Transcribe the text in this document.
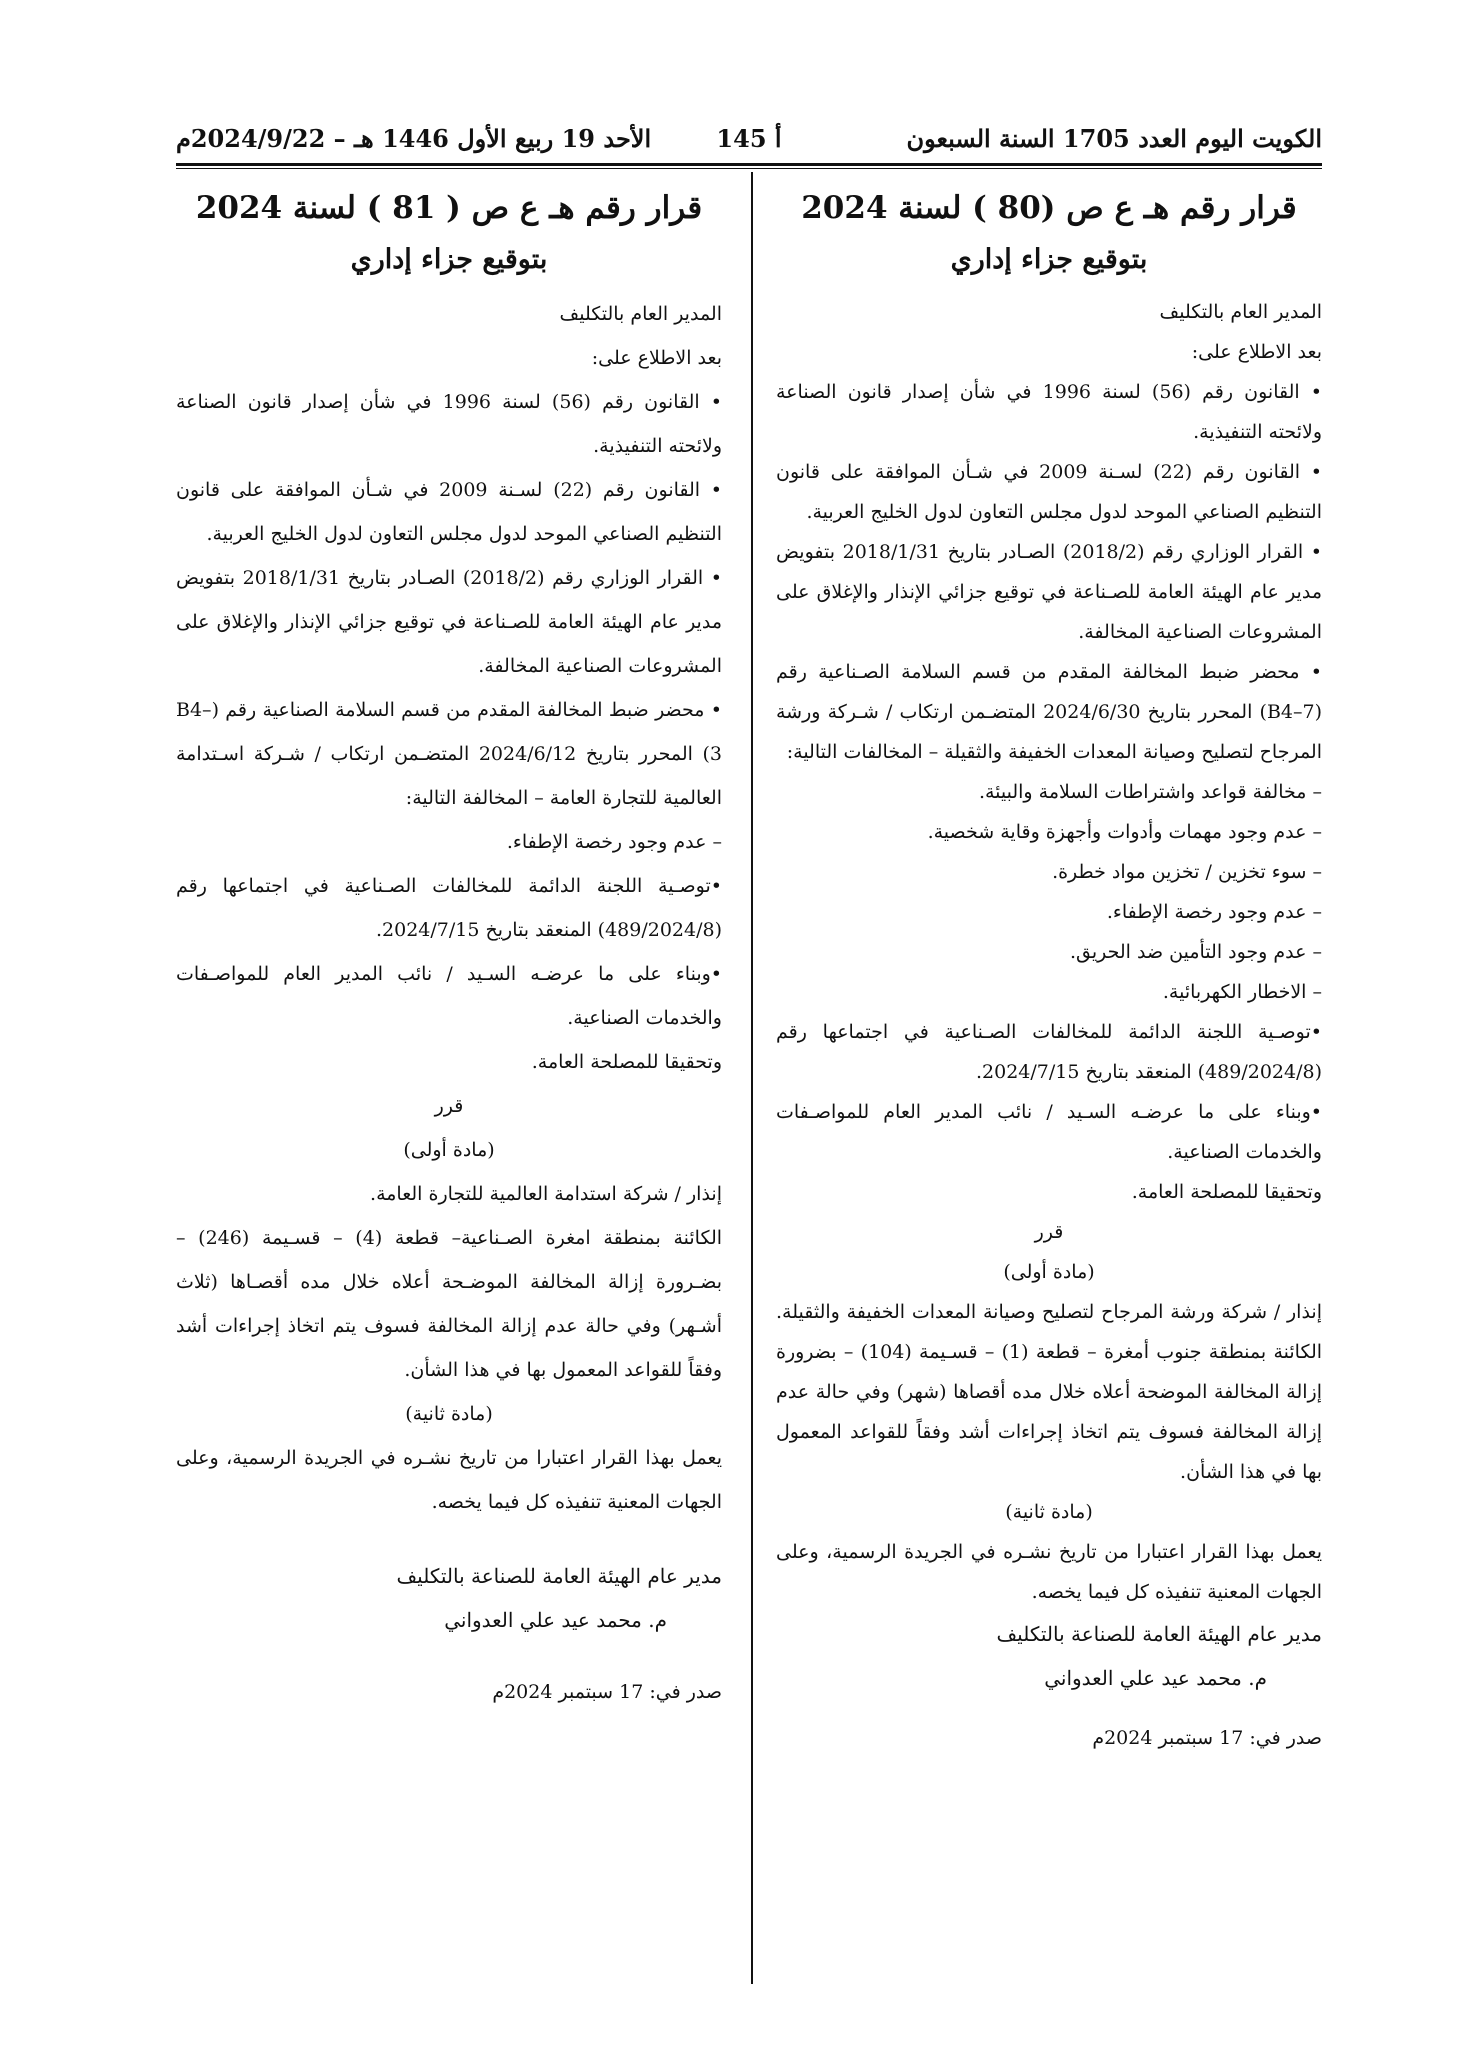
الكويت اليوم العدد 1705 السنة السبعون
أ 145
الأحد 19 ربيع الأول 1446 هـ – 2024/9/22م
قرار رقم هـ ع ص (80 ) لسنة 2024
بتوقيع جزاء إداري

المدير العام بالتكليف

بعد الاطلاع على:

• القانون رقم (56) لسنة 1996 في شأن إصدار قانون الصناعة ولائحته التنفيذية.

• القانون رقم (22) لسـنة 2009 في شـأن الموافقة على قانون التنظيم الصناعي الموحد لدول مجلس التعاون لدول الخليج العربية.

• القرار الوزاري رقم (2018/2) الصـادر بتاريخ 2018/1/31 بتفويض مدير عام الهيئة العامة للصـناعة في توقيع جزائي الإنذار والإغلاق على المشروعات الصناعية المخالفة.

• محضر ضبط المخالفة المقدم من قسم السلامة الصـناعية رقم (B4–7) المحرر بتاريخ 2024/6/30 المتضـمن ارتكاب / شـركة ورشة المرجاح لتصليح وصيانة المعدات الخفيفة والثقيلة – المخالفات التالية:

– مخالفة قواعد واشتراطات السلامة والبيئة.

– عدم وجود مهمات وأدوات وأجهزة وقاية شخصية.

– سوء تخزين / تخزين مواد خطرة.

– عدم وجود رخصة الإطفاء.

– عدم وجود التأمين ضد الحريق.

– الاخطار الكهربائية.

•توصـية اللجنة الدائمة للمخالفات الصـناعية في اجتماعها رقم (489/2024/8) المنعقد بتاريخ 2024/7/15.

•وبناء على ما عرضـه السـيد / نائب المدير العام للمواصـفات والخدمات الصناعية.

وتحقيقا للمصلحة العامة.

قرر

(مادة أولى)

إنذار / شركة ورشة المرجاح لتصليح وصيانة المعدات الخفيفة والثقيلة. الكائنة بمنطقة جنوب أمغرة – قطعة (1) – قسـيمة (104) – بضرورة إزالة المخالفة الموضحة أعلاه خلال مده أقصاها (شهر) وفي حالة عدم إزالة المخالفة فسوف يتم اتخاذ إجراءات أشد وفقاً للقواعد المعمول بها في هذا الشأن.

(مادة ثانية)

يعمل بهذا القرار اعتبارا من تاريخ نشـره في الجريدة الرسمية، وعلى الجهات المعنية تنفيذه كل فيما يخصه.

مدير عام الهيئة العامة للصناعة بالتكليف

م. محمد عيد علي العدواني

صدر في: 17 سبتمبر 2024م

قرار رقم هـ ع ص ( 81 ) لسنة 2024
بتوقيع جزاء إداري

المدير العام بالتكليف

بعد الاطلاع على:

• القانون رقم (56) لسنة 1996 في شأن إصدار قانون الصناعة ولائحته التنفيذية.

• القانون رقم (22) لسـنة 2009 في شـأن الموافقة على قانون التنظيم الصناعي الموحد لدول مجلس التعاون لدول الخليج العربية.

• القرار الوزاري رقم (2018/2) الصـادر بتاريخ 2018/1/31 بتفويض مدير عام الهيئة العامة للصـناعة في توقيع جزائي الإنذار والإغلاق على المشروعات الصناعية المخالفة.

• محضر ضبط المخالفة المقدم من قسم السلامة الصناعية رقم (B4–3) المحرر بتاريخ 2024/6/12 المتضـمن ارتكاب / شـركة اسـتدامة العالمية للتجارة العامة – المخالفة التالية:

– عدم وجود رخصة الإطفاء.

•توصـية اللجنة الدائمة للمخالفات الصـناعية في اجتماعها رقم (489/2024/8) المنعقد بتاريخ 2024/7/15.

•وبناء على ما عرضـه السـيد / نائب المدير العام للمواصـفات والخدمات الصناعية.

وتحقيقا للمصلحة العامة.

قرر

(مادة أولى)

إنذار / شركة استدامة العالمية للتجارة العامة.

الكائنة بمنطقة امغرة الصـناعية– قطعة (4) – قسـيمة (246) – بضـرورة إزالة المخالفة الموضـحة أعلاه خلال مده أقصـاها (ثلاث أشـهر) وفي حالة عدم إزالة المخالفة فسوف يتم اتخاذ إجراءات أشد وفقاً للقواعد المعمول بها في هذا الشأن.

(مادة ثانية)

يعمل بهذا القرار اعتبارا من تاريخ نشـره في الجريدة الرسمية، وعلى الجهات المعنية تنفيذه كل فيما يخصه.

مدير عام الهيئة العامة للصناعة بالتكليف

م. محمد عيد علي العدواني

صدر في: 17 سبتمبر 2024م
